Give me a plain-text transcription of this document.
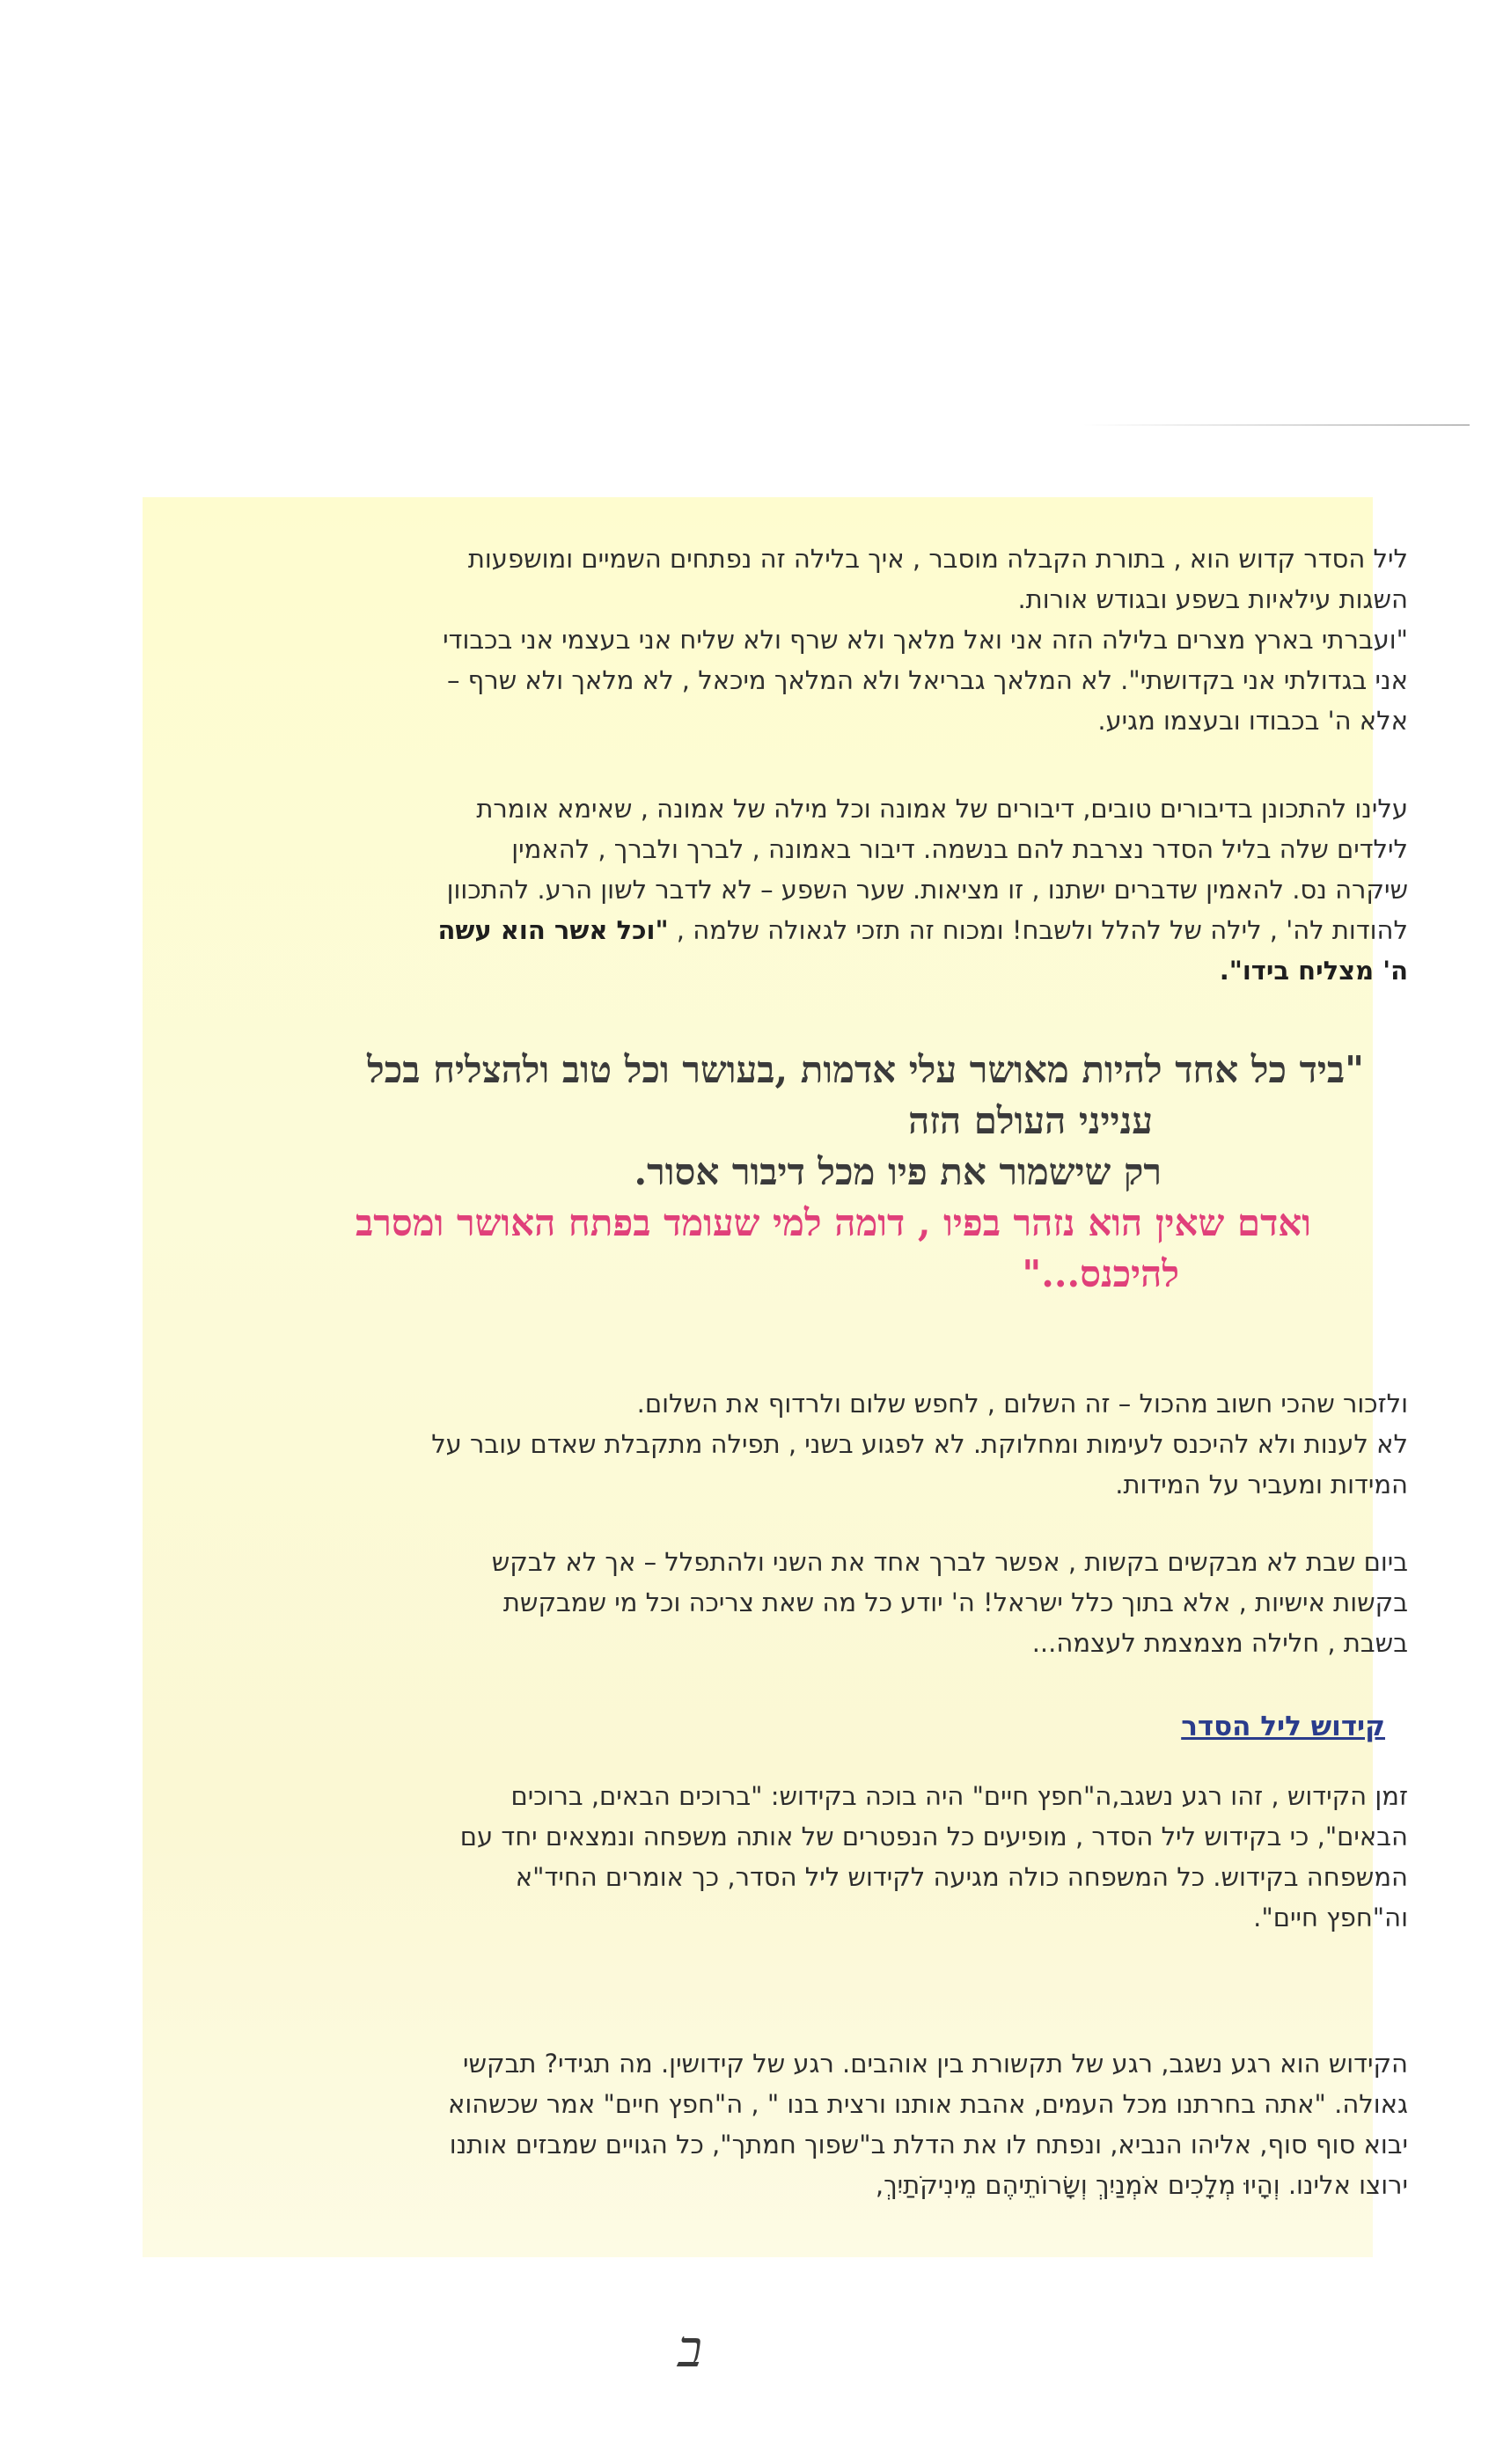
ליל הסדר קדוש הוא , בתורת הקבלה מוסבר , איך בלילה זה נפתחים השמיים ומושפעות
השגות עילאיות בשפע ובגודש אורות.
"ועברתי בארץ מצרים בלילה הזה אני ואל מלאך ולא שרף ולא שליח אני בעצמי אני בכבודי
אני בגדולתי אני בקדושתי". לא המלאך גבריאל ולא המלאך מיכאל , לא מלאך ולא שרף –
אלא ה' בכבודו ובעצמו מגיע.
עלינו להתכונן בדיבורים טובים, דיבורים של אמונה וכל מילה של אמונה , שאימא אומרת
לילדים שלה בליל הסדר נצרבת להם בנשמה. דיבור באמונה , לברך ולברך , להאמין
שיקרה נס. להאמין שדברים ישתנו , זו מציאות. שער השפע – לא לדבר לשון הרע. להתכוון
להודות לה' , לילה של להלל ולשבח! ומכוח זה תזכי לגאולה שלמה , "וכל אשר הוא עשה
ה' מצליח בידו".
"ביד כל אחד להיות מאושר עלי אדמות ,בעושר וכל טוב ולהצליח בכל
ענייני העולם הזה
רק שישמור את פיו מכל דיבור אסור.
ואדם שאין הוא נזהר בפיו , דומה למי שעומד בפתח האושר ומסרב
להיכנס..."
ולזכור שהכי חשוב מהכול – זה השלום , לחפש שלום ולרדוף את השלום.
לא לענות ולא להיכנס לעימות ומחלוקת. לא לפגוע בשני , תפילה מתקבלת שאדם עובר על
המידות ומעביר על המידות.
ביום שבת לא מבקשים בקשות , אפשר לברך אחד את השני ולהתפלל – אך לא לבקש
בקשות אישיות , אלא בתוך כלל ישראל! ה' יודע כל מה שאת צריכה וכל מי שמבקשת
בשבת , חלילה מצמצמת לעצמה...
קידוש ליל הסדר
זמן הקידוש , זהו רגע נשגב,ה"חפץ חיים" היה בוכה בקידוש: "ברוכים הבאים, ברוכים
הבאים", כי בקידוש ליל הסדר , מופיעים כל הנפטרים של אותה משפחה ונמצאים יחד עם
המשפחה בקידוש. כל המשפחה כולה מגיעה לקידוש ליל הסדר, כך אומרים החיד"א
וה"חפץ חיים".
הקידוש הוא רגע נשגב, רגע של תקשורת בין אוהבים. רגע של קידושין. מה תגידי? תבקשי
גאולה. "אתה בחרתנו מכל העמים, אהבת אותנו ורצית בנו " , ה"חפץ חיים" אמר שכשהוא
יבוא סוף סוף, אליהו הנביא, ונפתח לו את הדלת ב"שפוך חמתך", כל הגויים שמבזים אותנו
ירוצו אלינו. וְהָיוּ מְלָכִים אֹמְנַיִךְ וְשָׂרוֹתֵיהֶם מֵינִיקֹתַיִךְ,
ב
